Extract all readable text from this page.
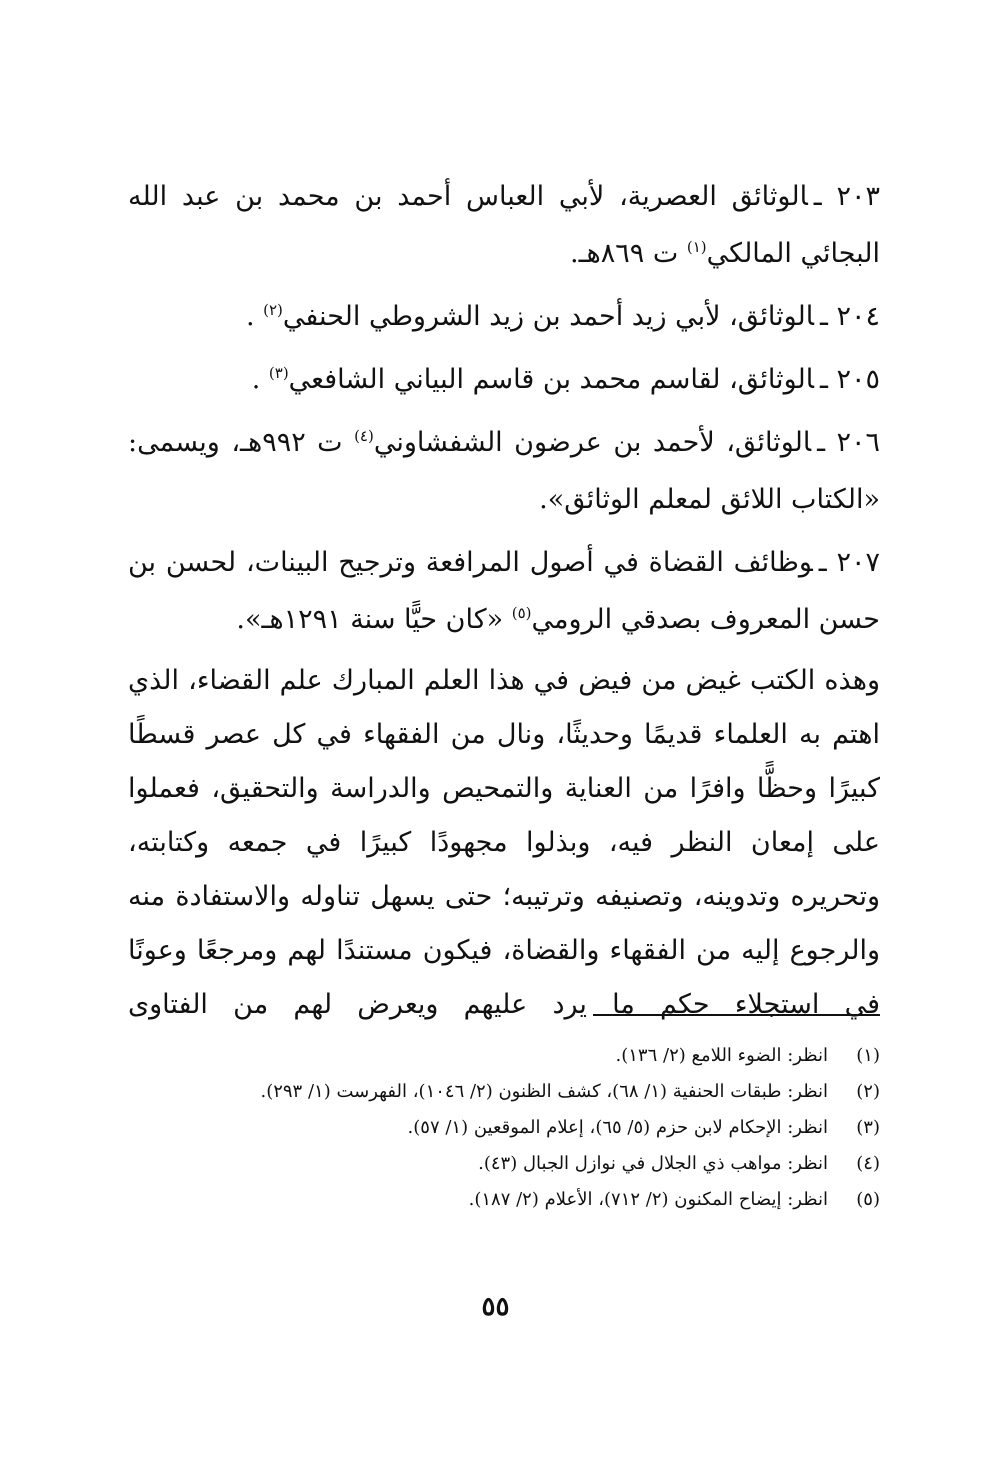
٢٠٣ ـالوثائق العصرية، لأبي العباس أحمد بن محمد بن عبد الله البجائي المالكي$^{(١)}$ ت ٨٦٩هـ.
٢٠٤ ـالوثائق، لأبي زيد أحمد بن زيد الشروطي الحنفي$^{(٢)}$ .
٢٠٥ ـالوثائق، لقاسم محمد بن قاسم البياني الشافعي$^{(٣)}$ .
٢٠٦ ـالوثائق، لأحمد بن عرضون الشفشاوني$^{(٤)}$ ت ٩٩٢هـ، ويسمى: «الكتاب اللائق لمعلم الوثائق».
٢٠٧ ـوظائف القضاة في أصول المرافعة وترجيح البينات، لحسن بن حسن المعروف بصدقي الرومي$^{(٥)}$ «كان حيًّا سنة ١٢٩١هـ».
وهذه الكتب غيض من فيض في هذا العلم المبارك علم القضاء، الذي اهتم به العلماء قديمًا وحديثًا، ونال من الفقهاء في كل عصر قسطًا كبيرًا وحظًّا وافرًا من العناية والتمحيص والدراسة والتحقيق، فعملوا على إمعان النظر فيه، وبذلوا مجهودًا كبيرًا في جمعه وكتابته، وتحريره وتدوينه، وتصنيفه وترتيبه؛ حتى يسهل تناوله والاستفادة منه والرجوع إليه من الفقهاء والقضاة، فيكون مستندًا لهم ومرجعًا وعونًا في استجلاء حكم ما يرد عليهم ويعرض لهم من الفتاوى
(١)
انظر: الضوء اللامع (٢/ ١٣٦).
(٢)
انظر: طبقات الحنفية (١/ ٦٨)، كشف الظنون (٢/ ١٠٤٦)، الفهرست (١/ ٢٩٣).
(٣)
انظر: الإحكام لابن حزم (٥/ ٦٥)، إعلام الموقعين (١/ ٥٧).
(٤)
انظر: مواهب ذي الجلال في نوازل الجبال (٤٣).
(٥)
انظر: إيضاح المكنون (٢/ ٧١٢)، الأعلام (٢/ ١٨٧).
٥٥
